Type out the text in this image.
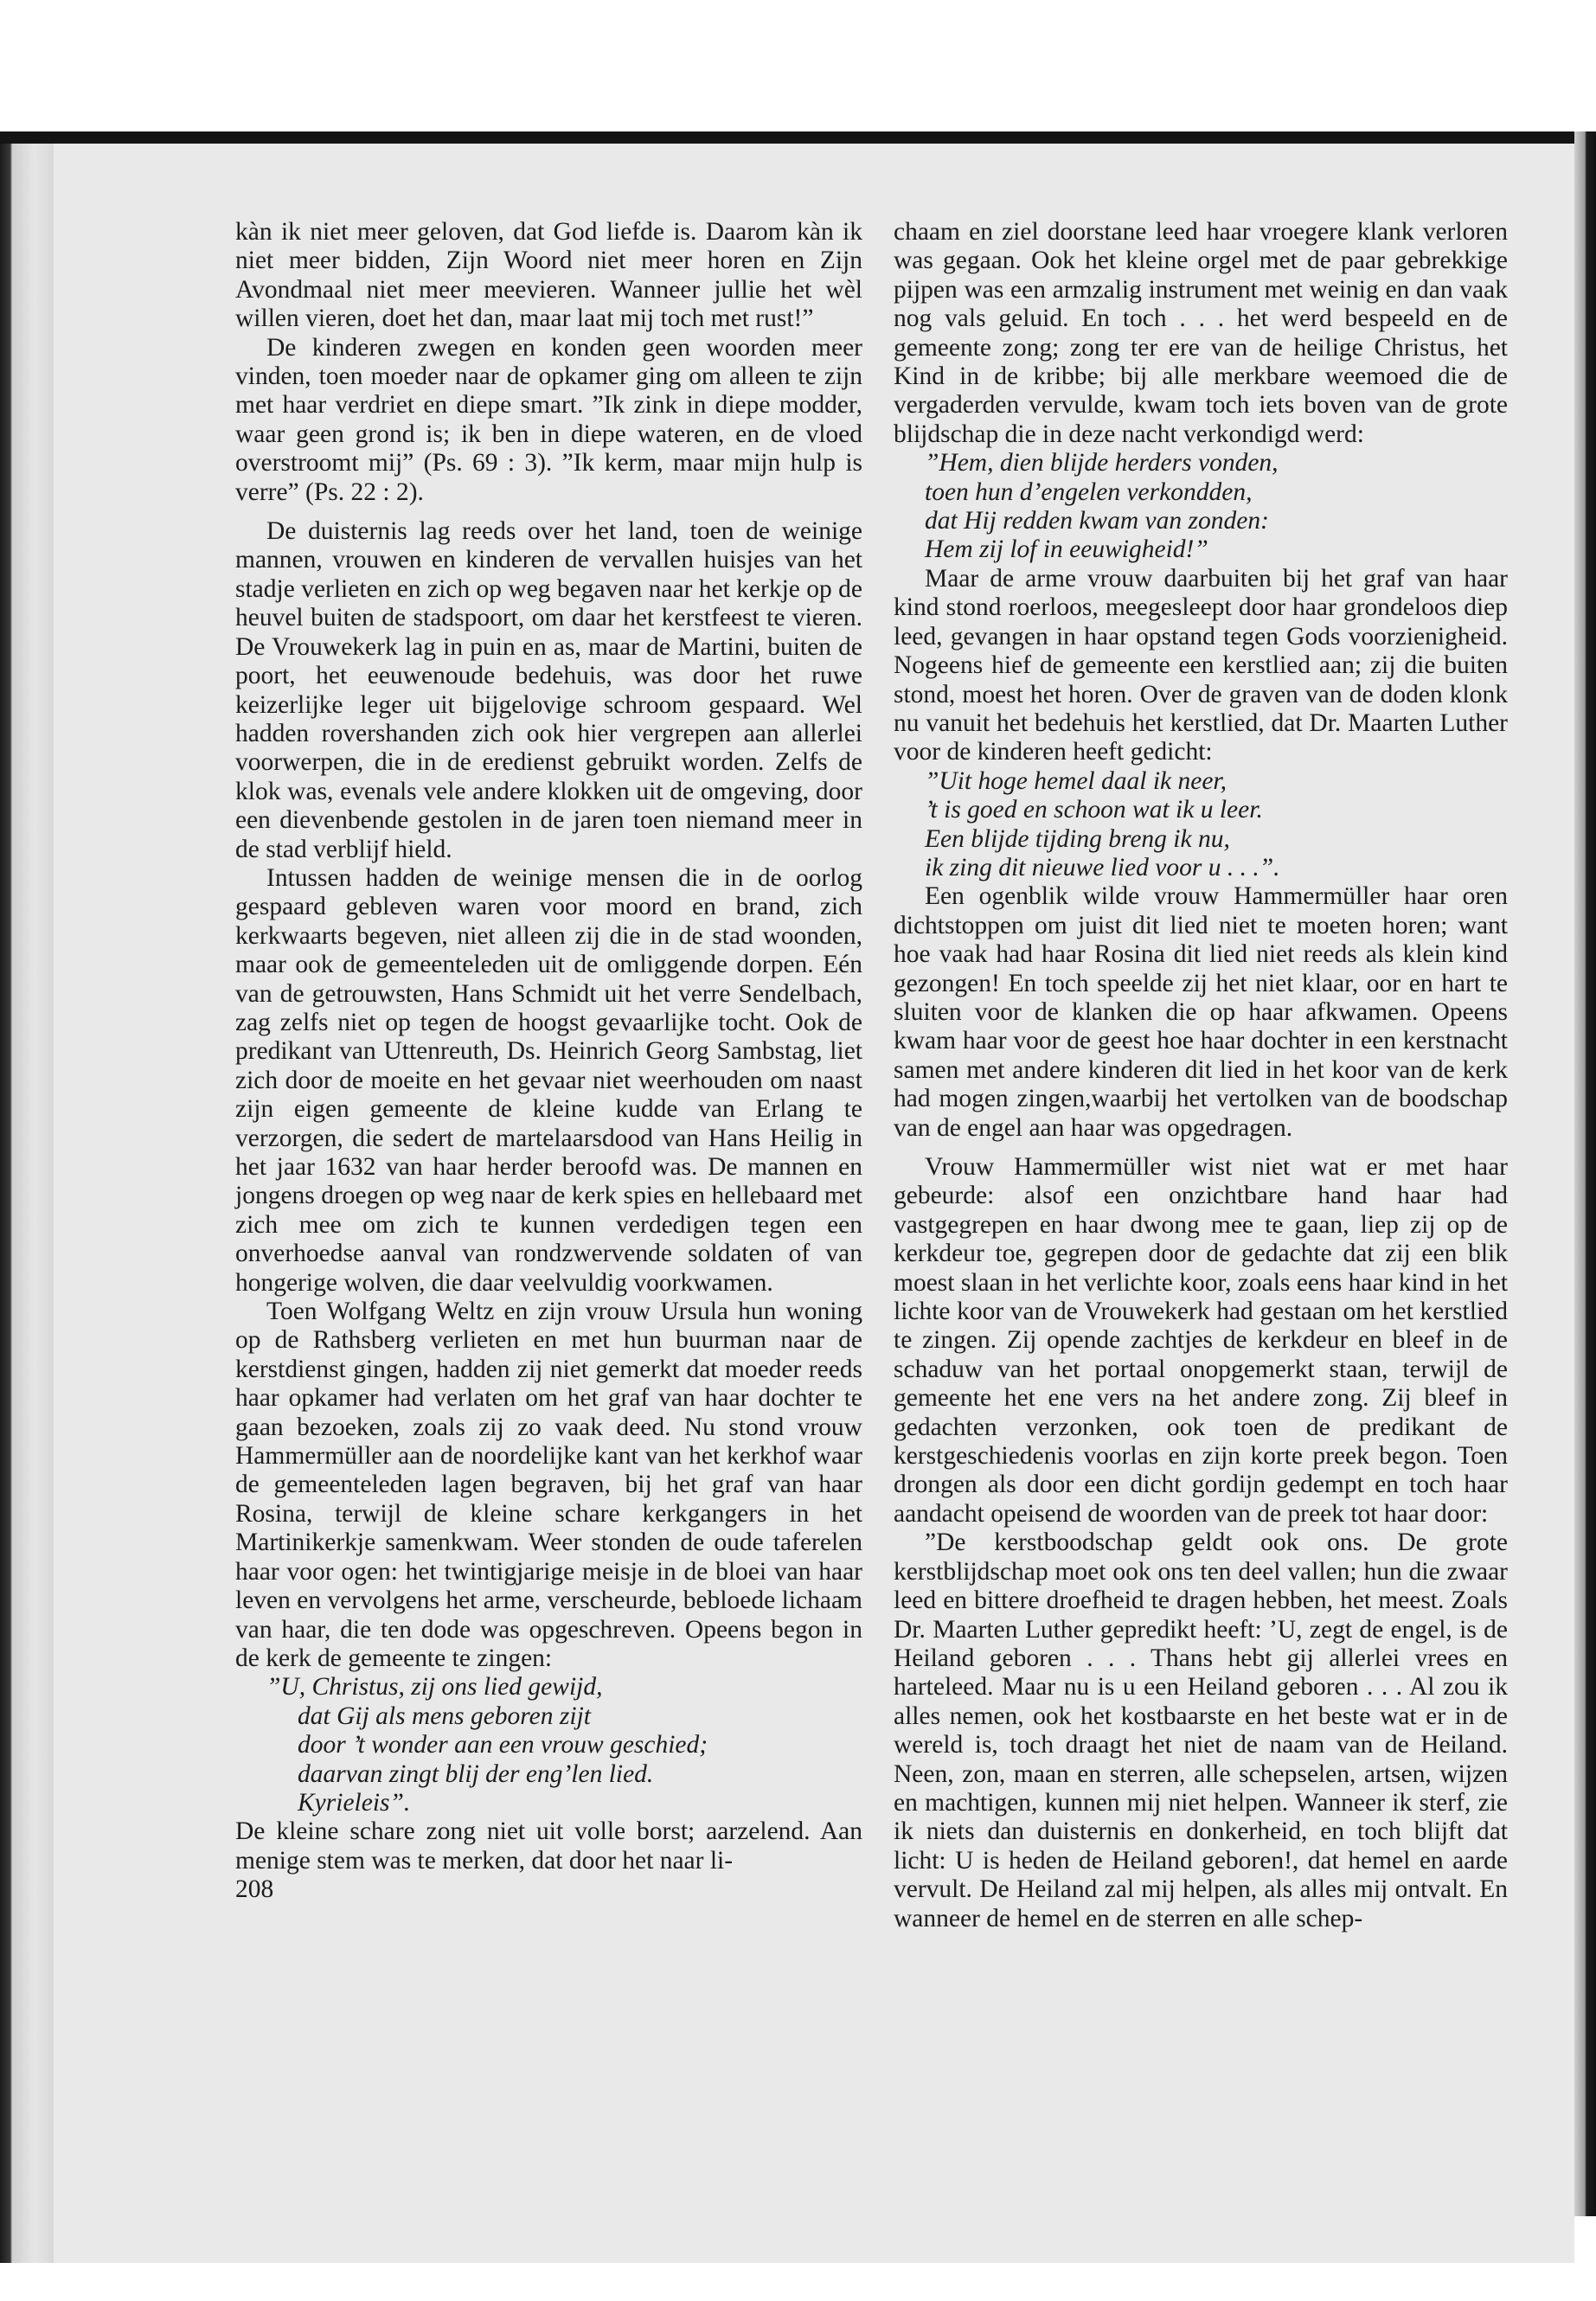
kàn ik niet meer geloven, dat God liefde is. Daarom kàn ik niet meer bidden, Zijn Woord niet meer horen en Zijn Avondmaal niet meer meevieren. Wanneer jullie het wèl willen vieren, doet het dan, maar laat mij toch met rust!”

De kinderen zwegen en konden geen woorden meer vinden, toen moeder naar de opkamer ging om alleen te zijn met haar verdriet en diepe smart. ”Ik zink in diepe modder, waar geen grond is; ik ben in diepe wateren, en de vloed overstroomt mij” (Ps. 69 : 3). ”Ik kerm, maar mijn hulp is verre” (Ps. 22 : 2).

De duisternis lag reeds over het land, toen de weinige mannen, vrouwen en kinderen de vervallen huisjes van het stadje verlieten en zich op weg begaven naar het kerkje op de heuvel buiten de stadspoort, om daar het kerstfeest te vieren. De Vrouwekerk lag in puin en as, maar de Martini, buiten de poort, het eeuwenoude bedehuis, was door het ruwe keizerlijke leger uit bijgelovige schroom gespaard. Wel hadden rovershanden zich ook hier vergrepen aan allerlei voorwerpen, die in de eredienst gebruikt worden. Zelfs de klok was, evenals vele andere klokken uit de omgeving, door een dievenbende gestolen in de jaren toen niemand meer in de stad verblijf hield.

Intussen hadden de weinige mensen die in de oorlog gespaard gebleven waren voor moord en brand, zich kerkwaarts begeven, niet alleen zij die in de stad woonden, maar ook de gemeenteleden uit de omliggende dorpen. Eén van de getrouwsten, Hans Schmidt uit het verre Sendelbach, zag zelfs niet op tegen de hoogst gevaarlijke tocht. Ook de predikant van Uttenreuth, Ds. Heinrich Georg Sambstag, liet zich door de moeite en het gevaar niet weerhouden om naast zijn eigen gemeente de kleine kudde van Erlang te verzorgen, die sedert de martelaarsdood van Hans Heilig in het jaar 1632 van haar herder beroofd was. De mannen en jongens droegen op weg naar de kerk spies en hellebaard met zich mee om zich te kunnen verdedigen tegen een onverhoedse aanval van rondzwervende soldaten of van hongerige wolven, die daar veelvuldig voorkwamen.

Toen Wolfgang Weltz en zijn vrouw Ursula hun woning op de Rathsberg verlieten en met hun buurman naar de kerstdienst gingen, hadden zij niet gemerkt dat moeder reeds haar opkamer had verlaten om het graf van haar dochter te gaan bezoeken, zoals zij zo vaak deed. Nu stond vrouw Hammermüller aan de noordelijke kant van het kerkhof waar de gemeenteleden lagen begraven, bij het graf van haar Rosina, terwijl de kleine schare kerkgangers in het Martinikerkje samenkwam. Weer stonden de oude taferelen haar voor ogen: het twintigjarige meisje in de bloei van haar leven en vervolgens het arme, verscheurde, bebloede lichaam van haar, die ten dode was opgeschreven. Opeens begon in de kerk de gemeente te zingen:

”U, Christus, zij ons lied gewijd,
dat Gij als mens geboren zijt
door ’t wonder aan een vrouw geschied;
daarvan zingt blij der eng’len lied.
Kyrieleis”.

De kleine schare zong niet uit volle borst; aarzelend. Aan menige stem was te merken, dat door het naar li-

208

chaam en ziel doorstane leed haar vroegere klank verloren was gegaan. Ook het kleine orgel met de paar gebrekkige pijpen was een armzalig instrument met weinig en dan vaak nog vals geluid. En toch . . . het werd bespeeld en de gemeente zong; zong ter ere van de heilige Christus, het Kind in de kribbe; bij alle merkbare weemoed die de vergaderden vervulde, kwam toch iets boven van de grote blijdschap die in deze nacht verkondigd werd:

”Hem, dien blijde herders vonden,
toen hun d’engelen verkondden,
dat Hij redden kwam van zonden:
Hem zij lof in eeuwigheid!”

Maar de arme vrouw daarbuiten bij het graf van haar kind stond roerloos, meegesleept door haar grondeloos diep leed, gevangen in haar opstand tegen Gods voorzienigheid. Nogeens hief de gemeente een kerstlied aan; zij die buiten stond, moest het horen. Over de graven van de doden klonk nu vanuit het bedehuis het kerstlied, dat Dr. Maarten Luther voor de kinderen heeft gedicht:

”Uit hoge hemel daal ik neer,
’t is goed en schoon wat ik u leer.
Een blijde tijding breng ik nu,
ik zing dit nieuwe lied voor u . . .”.

Een ogenblik wilde vrouw Hammermüller haar oren dichtstoppen om juist dit lied niet te moeten horen; want hoe vaak had haar Rosina dit lied niet reeds als klein kind gezongen! En toch speelde zij het niet klaar, oor en hart te sluiten voor de klanken die op haar afkwamen. Opeens kwam haar voor de geest hoe haar dochter in een kerstnacht samen met andere kinderen dit lied in het koor van de kerk had mogen zingen,waarbij het vertolken van de boodschap van de engel aan haar was opgedragen.

Vrouw Hammermüller wist niet wat er met haar gebeurde: alsof een onzichtbare hand haar had vastgegrepen en haar dwong mee te gaan, liep zij op de kerkdeur toe, gegrepen door de gedachte dat zij een blik moest slaan in het verlichte koor, zoals eens haar kind in het lichte koor van de Vrouwekerk had gestaan om het kerstlied te zingen. Zij opende zachtjes de kerkdeur en bleef in de schaduw van het portaal onopgemerkt staan, terwijl de gemeente het ene vers na het andere zong. Zij bleef in gedachten verzonken, ook toen de predikant de kerstgeschiedenis voorlas en zijn korte preek begon. Toen drongen als door een dicht gordijn gedempt en toch haar aandacht opeisend de woorden van de preek tot haar door:

”De kerstboodschap geldt ook ons. De grote kerstblijdschap moet ook ons ten deel vallen; hun die zwaar leed en bittere droefheid te dragen hebben, het meest. Zoals Dr. Maarten Luther gepredikt heeft: ’U, zegt de engel, is de Heiland geboren . . . Thans hebt gij allerlei vrees en harteleed. Maar nu is u een Heiland geboren . . . Al zou ik alles nemen, ook het kostbaarste en het beste wat er in de wereld is, toch draagt het niet de naam van de Heiland. Neen, zon, maan en sterren, alle schepselen, artsen, wijzen en machtigen, kunnen mij niet helpen. Wanneer ik sterf, zie ik niets dan duisternis en donkerheid, en toch blijft dat licht: U is heden de Heiland geboren!, dat hemel en aarde vervult. De Heiland zal mij helpen, als alles mij ontvalt. En wanneer de hemel en de sterren en alle schep-
